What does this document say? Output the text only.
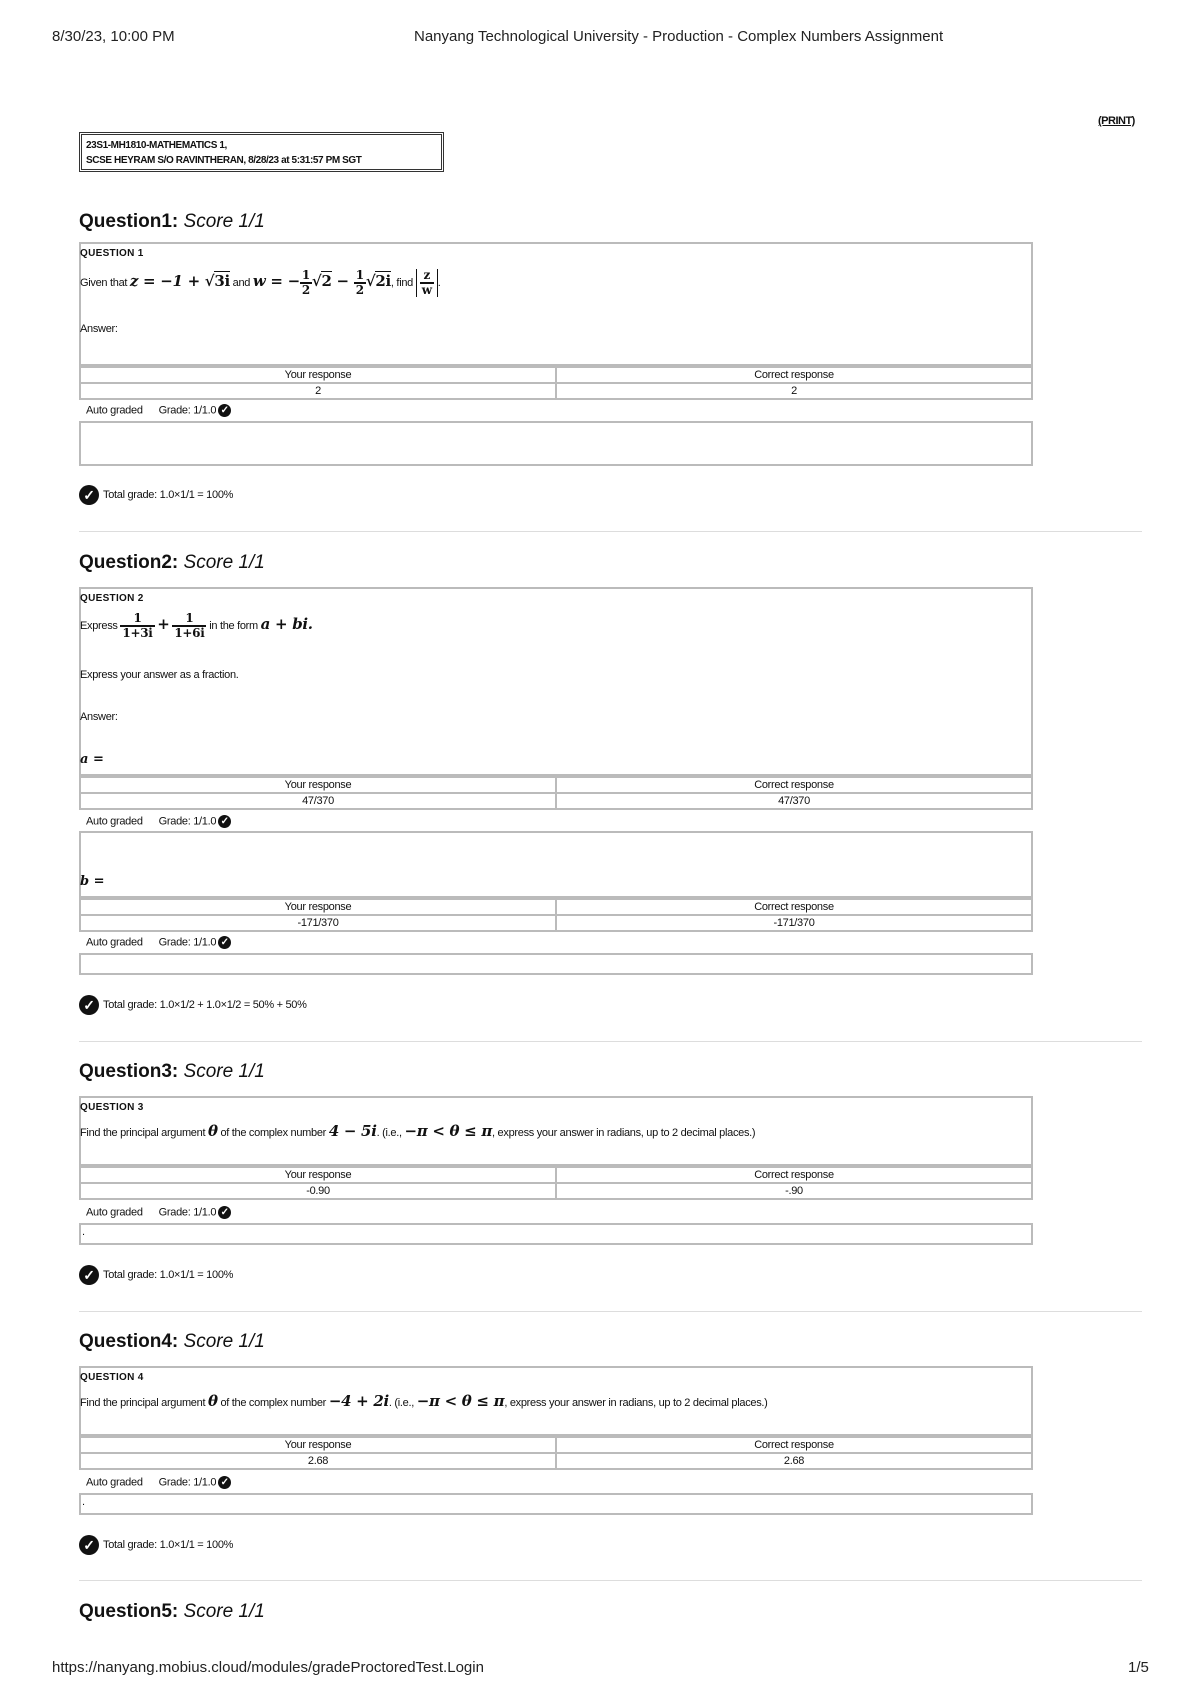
8/30/23, 10:00 PM	Nanyang Technological University - Production - Complex Numbers Assignment
(PRINT)
23S1-MH1810-MATHEMATICS 1,
SCSE HEYRAM S/O RAVINTHERAN, 8/28/23 at 5:31:57 PM SGT
Question1: Score 1/1
QUESTION 1
Given that z = −1 + √3i and w = − $\frac{1}{2} √2 - \frac{1}{2} √2i$, find $\frac{z}{w}$ .
Answer:
Your response	Correct response
2	2
Auto graded Grade: 1/1.0 ✓
✓ Total grade: 1.0×1/1 = 100%
Question2: Score 1/1
QUESTION 2
Express $\frac{1}{1+3i} + \frac{1}{1+6i}$ in the form a + bi.
Express your answer as a fraction.
Answer:
a =
Your response	Correct response
47/370	47/370
Auto graded Grade: 1/1.0 ✓
b =
Your response	Correct response
-171/370	-171/370
Auto graded Grade: 1/1.0 ✓
✓ Total grade: 1.0×1/2 + 1.0×1/2 = 50% + 50%
Question3: Score 1/1
QUESTION 3
Find the principal argument θ of the complex number 4 − 5i. (i.e., −π < θ ≤ π, express your answer in radians, up to 2 decimal places.)
Your response	Correct response
-0.90	-.90
Auto graded Grade: 1/1.0 ✓
.
✓ Total grade: 1.0×1/1 = 100%
Question4: Score 1/1
QUESTION 4
Find the principal argument θ of the complex number −4 + 2i. (i.e., −π < θ ≤ π, express your answer in radians, up to 2 decimal places.)
Your response	Correct response
2.68	2.68
Auto graded Grade: 1/1.0 ✓
.
✓ Total grade: 1.0×1/1 = 100%
Question5: Score 1/1
https://nanyang.mobius.cloud/modules/gradeProctoredTest.Login	1/5
